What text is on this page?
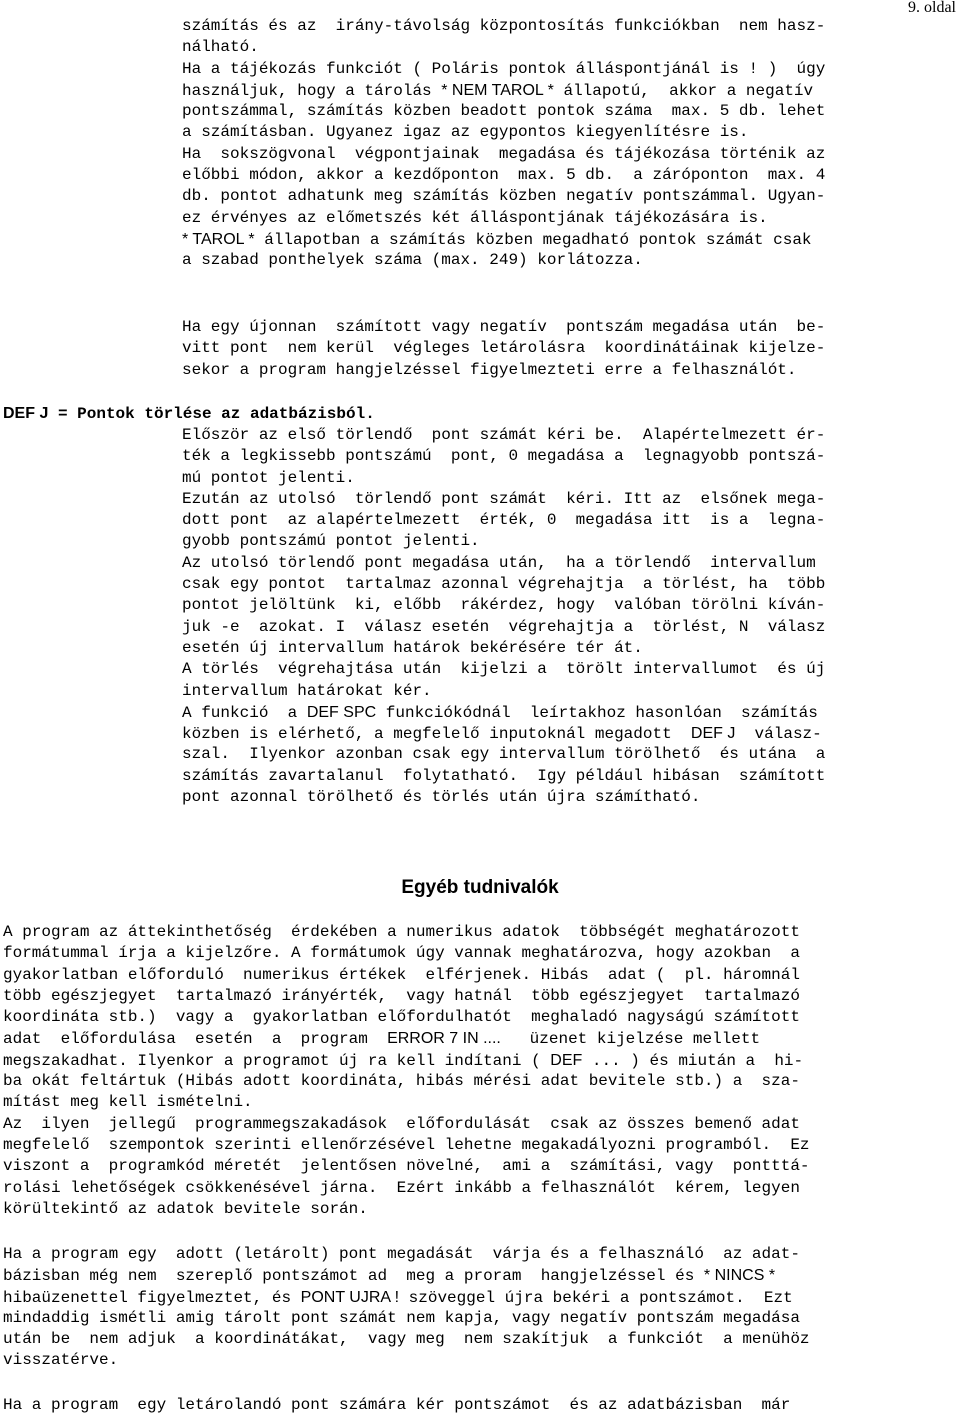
9. oldal
számítás és az  irány-távolság központosítás funkciókban  nem hasz-
nálható.
Ha a tájékozás funkciót ( Poláris pontok álláspontjánál is ! )  úgy
használjuk, hogy a tárolás * NEM TAROL * állapotú,  akkor a negatív
pontszámmal, számítás közben beadott pontok száma  max. 5 db. lehet
a számításban. Ugyanez igaz az egypontos kiegyenlítésre is.
Ha  sokszögvonal  végpontjainak  megadása és tájékozása történik az
előbbi módon, akkor a kezdőponton  max. 5 db.  a záróponton  max. 4
db. pontot adhatunk meg számítás közben negatív pontszámmal. Ugyan-
ez érvényes az előmetszés két álláspontjának tájékozására is.
* TAROL * állapotban a számítás közben megadható pontok számát csak
a szabad ponthelyek száma (max. 249) korlátozza.
Ha egy újonnan  számított vagy negatív  pontszám megadása után  be-
vitt pont  nem kerül  végleges letárolásra  koordinátáinak kijelze-
sekor a program hangjelzéssel figyelmezteti erre a felhasználót.
DEF J = Pontok törlése az adatbázisból.
Először az első törlendő  pont számát kéri be.  Alapértelmezett ér-
ték a legkissebb pontszámú  pont, 0 megadása a  legnagyobb pontszá-
mú pontot jelenti.
Ezután az utolsó  törlendő pont számát  kéri. Itt az  elsőnek mega-
dott pont  az alapértelmezett  érték, 0  megadása itt  is a  legna-
gyobb pontszámú pontot jelenti.
Az utolsó törlendő pont megadása után,  ha a törlendő  intervallum
csak egy pontot  tartalmaz azonnal végrehajtja  a törlést, ha  több
pontot jelöltünk  ki, előbb  rákérdez, hogy  valóban törölni kíván-
juk -e  azokat. I  válasz esetén  végrehajtja a  törlést, N  válasz
esetén új intervallum határok bekérésére tér át.
A törlés  végrehajtása után  kijelzi a  törölt intervallumot  és új
intervallum határokat kér.
A funkció  a DEF SPC funkciókódnál  leírtakhoz hasonlóan  számítás
közben is elérhető, a megfelelő inputoknál megadott  DEF J  válasz-
szal.  Ilyenkor azonban csak egy intervallum törölhető  és utána  a
számítás zavartalanul  folytatható.  Igy például hibásan  számított
pont azonnal törölhető és törlés után újra számítható.
Egyéb tudnivalók
A program az áttekinthetőség  érdekében a numerikus adatok  többségét meghatározott
formátummal írja a kijelzőre. A formátumok úgy vannak meghatározva, hogy azokban  a
gyakorlatban előforduló  numerikus értékek  elférjenek. Hibás  adat (  pl. háromnál
több egészjegyet  tartalmazó irányérték,  vagy hatnál  több egészjegyet  tartalmazó
koordináta stb.)  vagy a  gyakorlatban előfordulhatót  meghaladó nagyságú számított
adat  előfordulása  esetén  a  program  ERROR 7 IN ....   üzenet kijelzése mellett
megszakadhat. Ilyenkor a programot új ra kell indítani ( DEF ... ) és miután a  hi-
ba okát feltártuk (Hibás adott koordináta, hibás mérési adat bevitele stb.) a  sza-
mítást meg kell ismételni.
Az  ilyen  jellegű  programmegszakadások  előfordulását  csak az összes bemenő adat
megfelelő  szempontok szerinti ellenőrzésével lehetne megakadályozni programból.  Ez
viszont a  programkód méretét  jelentősen növelné,  ami a  számítási, vagy  pontttá-
rolási lehetőségek csökkenésével járna.  Ezért inkább a felhasználót  kérem, legyen
körültekintő az adatok bevitele során.
Ha a program egy  adott (letárolt) pont megadását  várja és a felhasználó  az adat-
bázisban még nem  szereplő pontszámot ad  meg a proram  hangjelzéssel és * NINCS *
hibaüzenettel figyelmeztet, és PONT UJRA ! szöveggel újra bekéri a pontszámot.  Ezt
mindaddig ismétli amig tárolt pont számát nem kapja, vagy negatív pontszám megadása
után be  nem adjuk  a koordinátákat,  vagy meg  nem szakítjuk  a funkciót  a menühöz
visszatérve.
Ha a program  egy letárolandó pont számára kér pontszámot  és az adatbázisban  már
